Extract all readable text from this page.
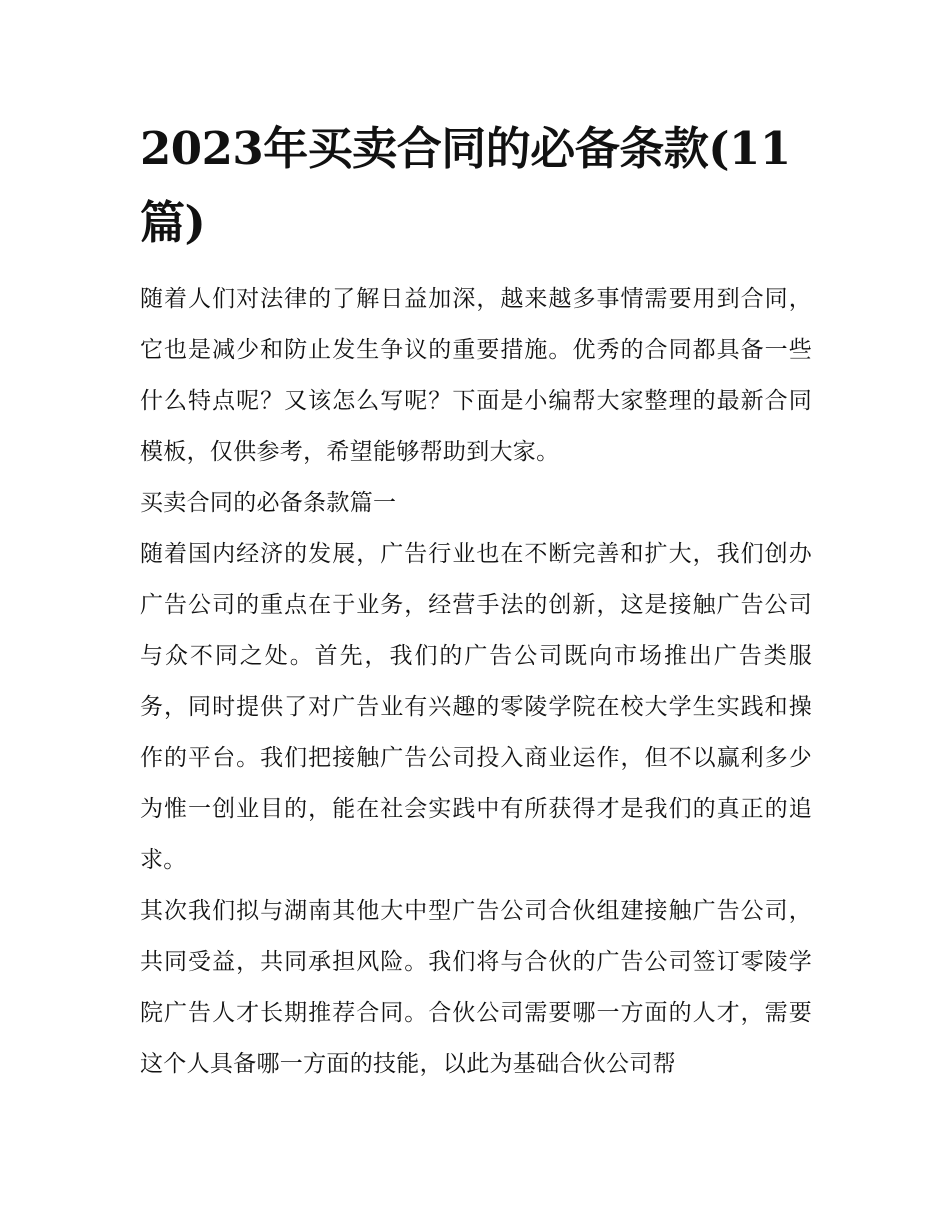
2023年买卖合同的必备条款(11篇)

随着人们对法律的了解日益加深，越来越多事情需要用到合同，它也是减少和防止发生争议的重要措施。优秀的合同都具备一些什么特点呢？又该怎么写呢？下面是小编帮大家整理的最新合同模板，仅供参考，希望能够帮助到大家。

买卖合同的必备条款篇一

随着国内经济的发展，广告行业也在不断完善和扩大，我们创办广告公司的重点在于业务，经营手法的创新，这是接触广告公司与众不同之处。首先，我们的广告公司既向市场推出广告类服务，同时提供了对广告业有兴趣的零陵学院在校大学生实践和操作的平台。我们把接触广告公司投入商业运作，但不以赢利多少为惟一创业目的，能在社会实践中有所获得才是我们的真正的追求。

其次我们拟与湖南其他大中型广告公司合伙组建接触广告公司，共同受益，共同承担风险。我们将与合伙的广告公司签订零陵学院广告人才长期推荐合同。合伙公司需要哪一方面的人才，需要这个人具备哪一方面的技能，以此为基础合伙公司帮
